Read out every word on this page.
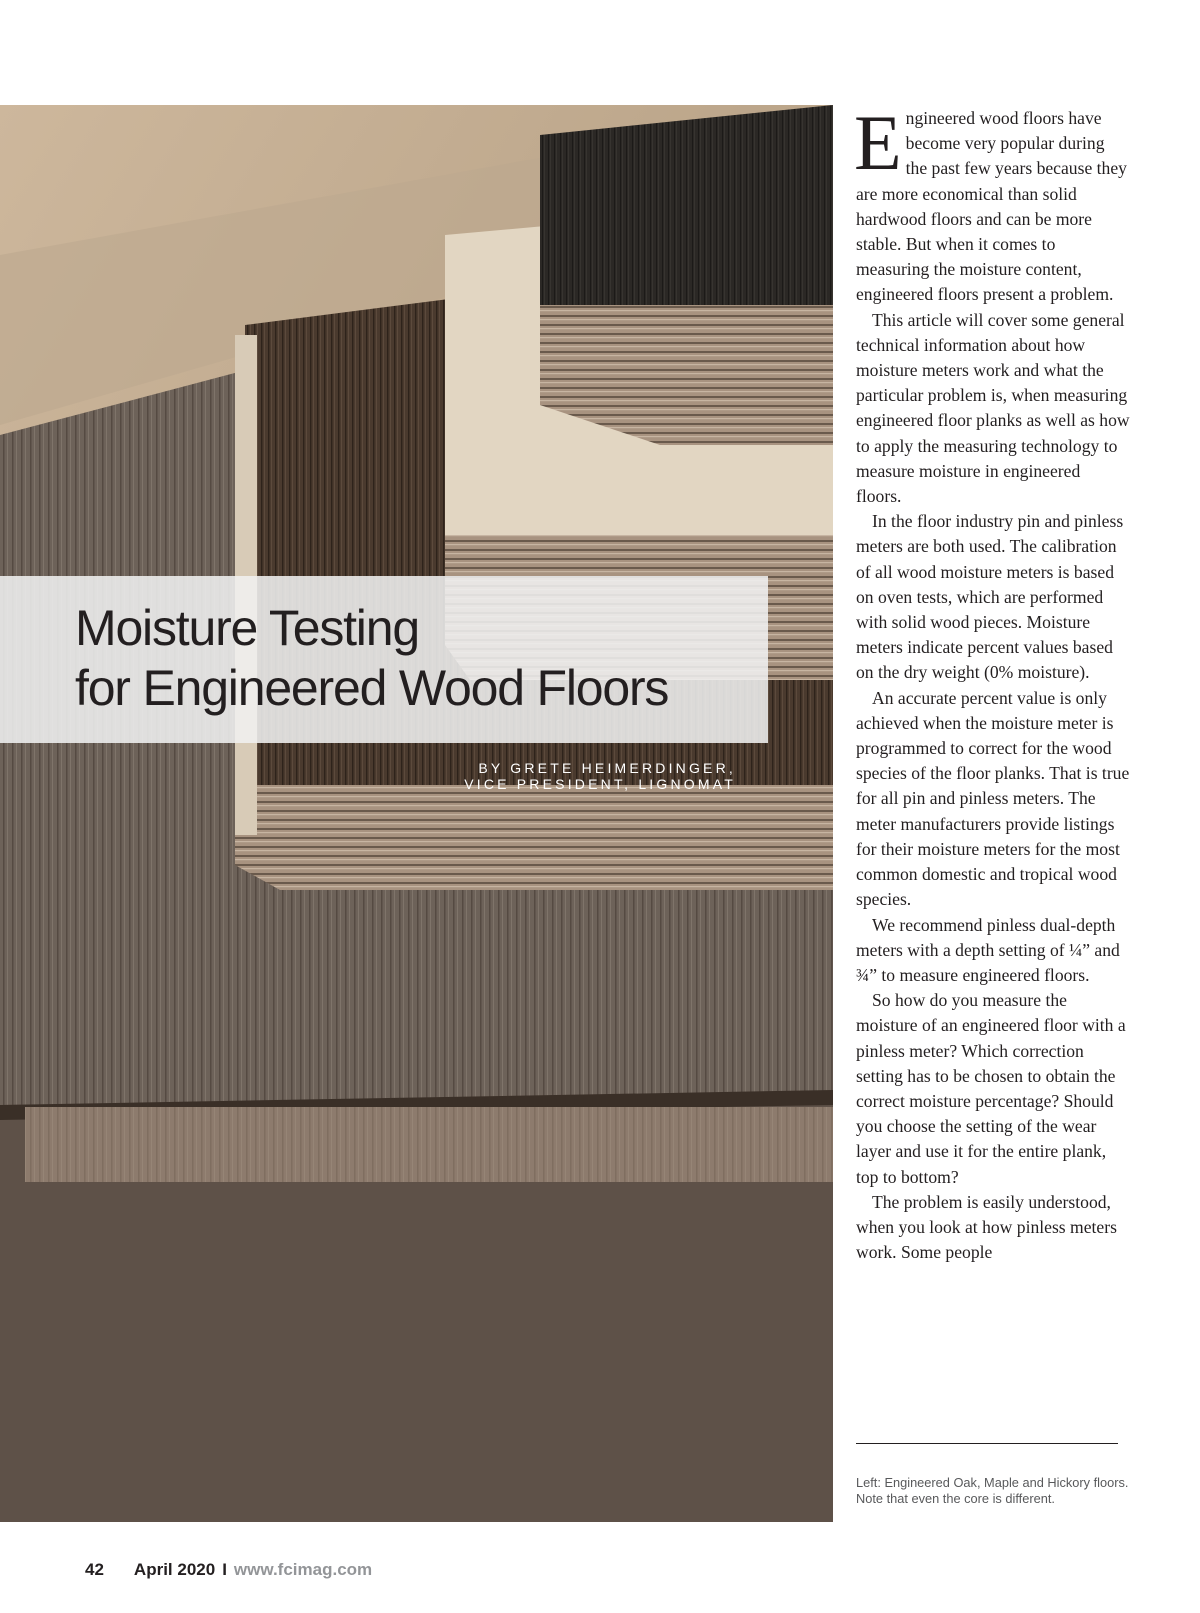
Moisture Testing
for Engineered Wood Floors
BY GRETE HEIMERDINGER,
VICE PRESIDENT, LIGNOMAT

Engineered wood floors have become very popular during the past few years because they are more economical than solid hardwood floors and can be more stable. But when it comes to measuring the moisture content, engineered floors present a problem.

This article will cover some general technical information about how moisture meters work and what the particular problem is, when measuring engineered floor planks as well as how to apply the measuring technology to measure moisture in engineered floors.

In the floor industry pin and pinless meters are both used. The calibration of all wood moisture meters is based on oven tests, which are performed with solid wood pieces. Moisture meters indicate percent values based on the dry weight (0% moisture).

An accurate percent value is only achieved when the moisture meter is programmed to correct for the wood species of the floor planks. That is true for all pin and pinless meters. The meter manufacturers provide listings for their moisture meters for the most common domestic and tropical wood species.

We recommend pinless dual-depth meters with a depth setting of ¼” and ¾” to measure engineered floors.

So how do you measure the moisture of an engineered floor with a pinless meter? Which correction setting has to be chosen to obtain the correct moisture percentage? Should you choose the setting of the wear layer and use it for the entire plank, top to bottom?

The problem is easily understood, when you look at how pinless meters work. Some people

Left: Engineered Oak, Maple and Hickory floors. Note that even the core is different.
42 April 2020 I www.fcimag.com
